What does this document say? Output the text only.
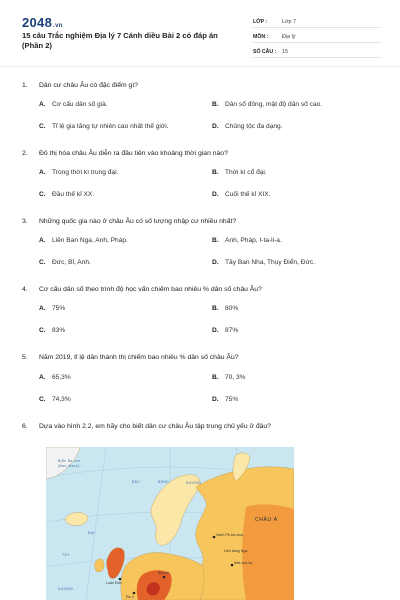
2048.vn
15 câu Trắc nghiệm Địa lý 7 Cánh diều Bài 2 có đáp án (Phần 2)
LỚP :	Lớp 7
MÔN :	Địa lý
SỐ CÂU :	15
1.	Dân cư châu Âu có đặc điểm gì?
A. Cơ cấu dân số già.	B. Dân số đông, mật độ dân số cao.
C. Tỉ lệ gia tăng tự nhiên cao nhất thế giới.	D. Chủng tộc đa dạng.
2.	Đô thị hóa châu Âu diễn ra đầu tiên vào khoảng thời gian nào?
A. Trong thời kì trung đại.	B. Thời kì cổ đại.
C. Đầu thế kỉ XX.	D. Cuối thế kỉ XIX.
3.	Những quốc gia nào ở châu Âu có số lượng nhập cư nhiều nhất?
A. Liên Ban Nga, Anh, Pháp.	B. Anh, Pháp, I-ta-li-a.
C. Đức, Bỉ, Anh.	D. Tây Ban Nha, Thụy Điển, Đức.
4.	Cơ cấu dân số theo trình độ học vấn chiếm bao nhiêu % dân số châu Âu?
A. 75%	B. 80%
C. 83%	D. 87%
5.	Năm 2019, tỉ lệ dân thành thị chiếm bao nhiêu % dân số châu Âu?
A. 65,3%	B. 70, 3%
C. 74,3%	D. 75%
6.	Dựa vào hình 2.2, em hãy cho biết dân cư châu Âu tập trung chủ yếu ở đâu?
Biển Ba-ren
(Ban-Mach)
BẮC	BĂNG	DƯƠNG
ĐẠI
TÂY
DƯƠNG
CHÂU Á
Liên bang Nga
Xanh Pê-téc-bua
Luân Đôn
Pa-ri
Béc-lin
Mát-xcơ-va
